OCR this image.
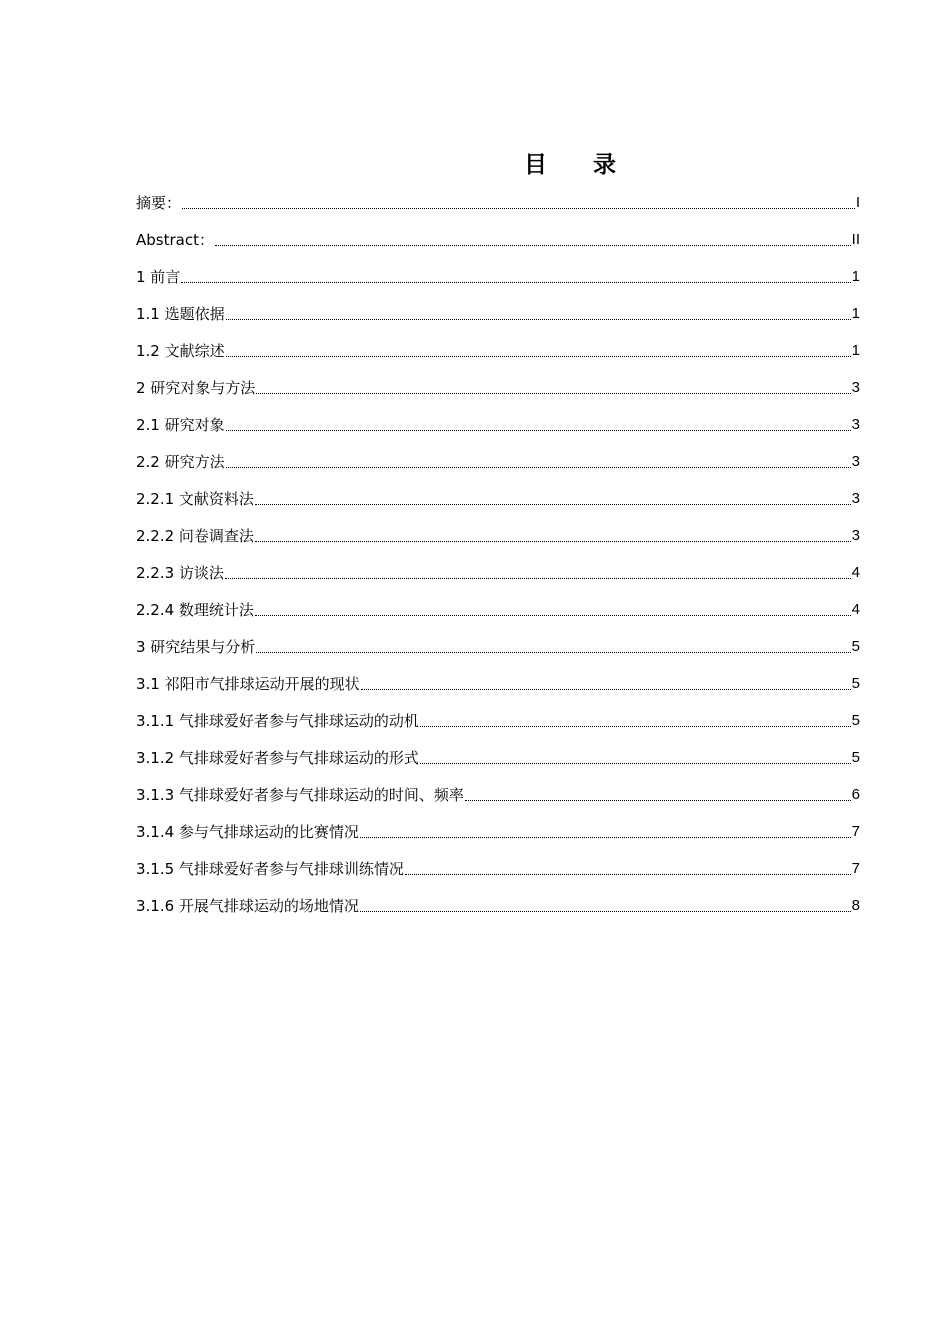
目　　录
摘要：	I
Abstract：	II
1 前言	1
1.1 选题依据	1
1.2 文献综述	1
2 研究对象与方法	3
2.1 研究对象	3
2.2 研究方法	3
2.2.1 文献资料法	3
2.2.2 问卷调查法	3
2.2.3 访谈法	4
2.2.4 数理统计法	4
3 研究结果与分析	5
3.1 祁阳市气排球运动开展的现状	5
3.1.1 气排球爱好者参与气排球运动的动机	5
3.1.2 气排球爱好者参与气排球运动的形式	5
3.1.3 气排球爱好者参与气排球运动的时间、频率	6
3.1.4 参与气排球运动的比赛情况	7
3.1.5 气排球爱好者参与气排球训练情况	7
3.1.6 开展气排球运动的场地情况	8
